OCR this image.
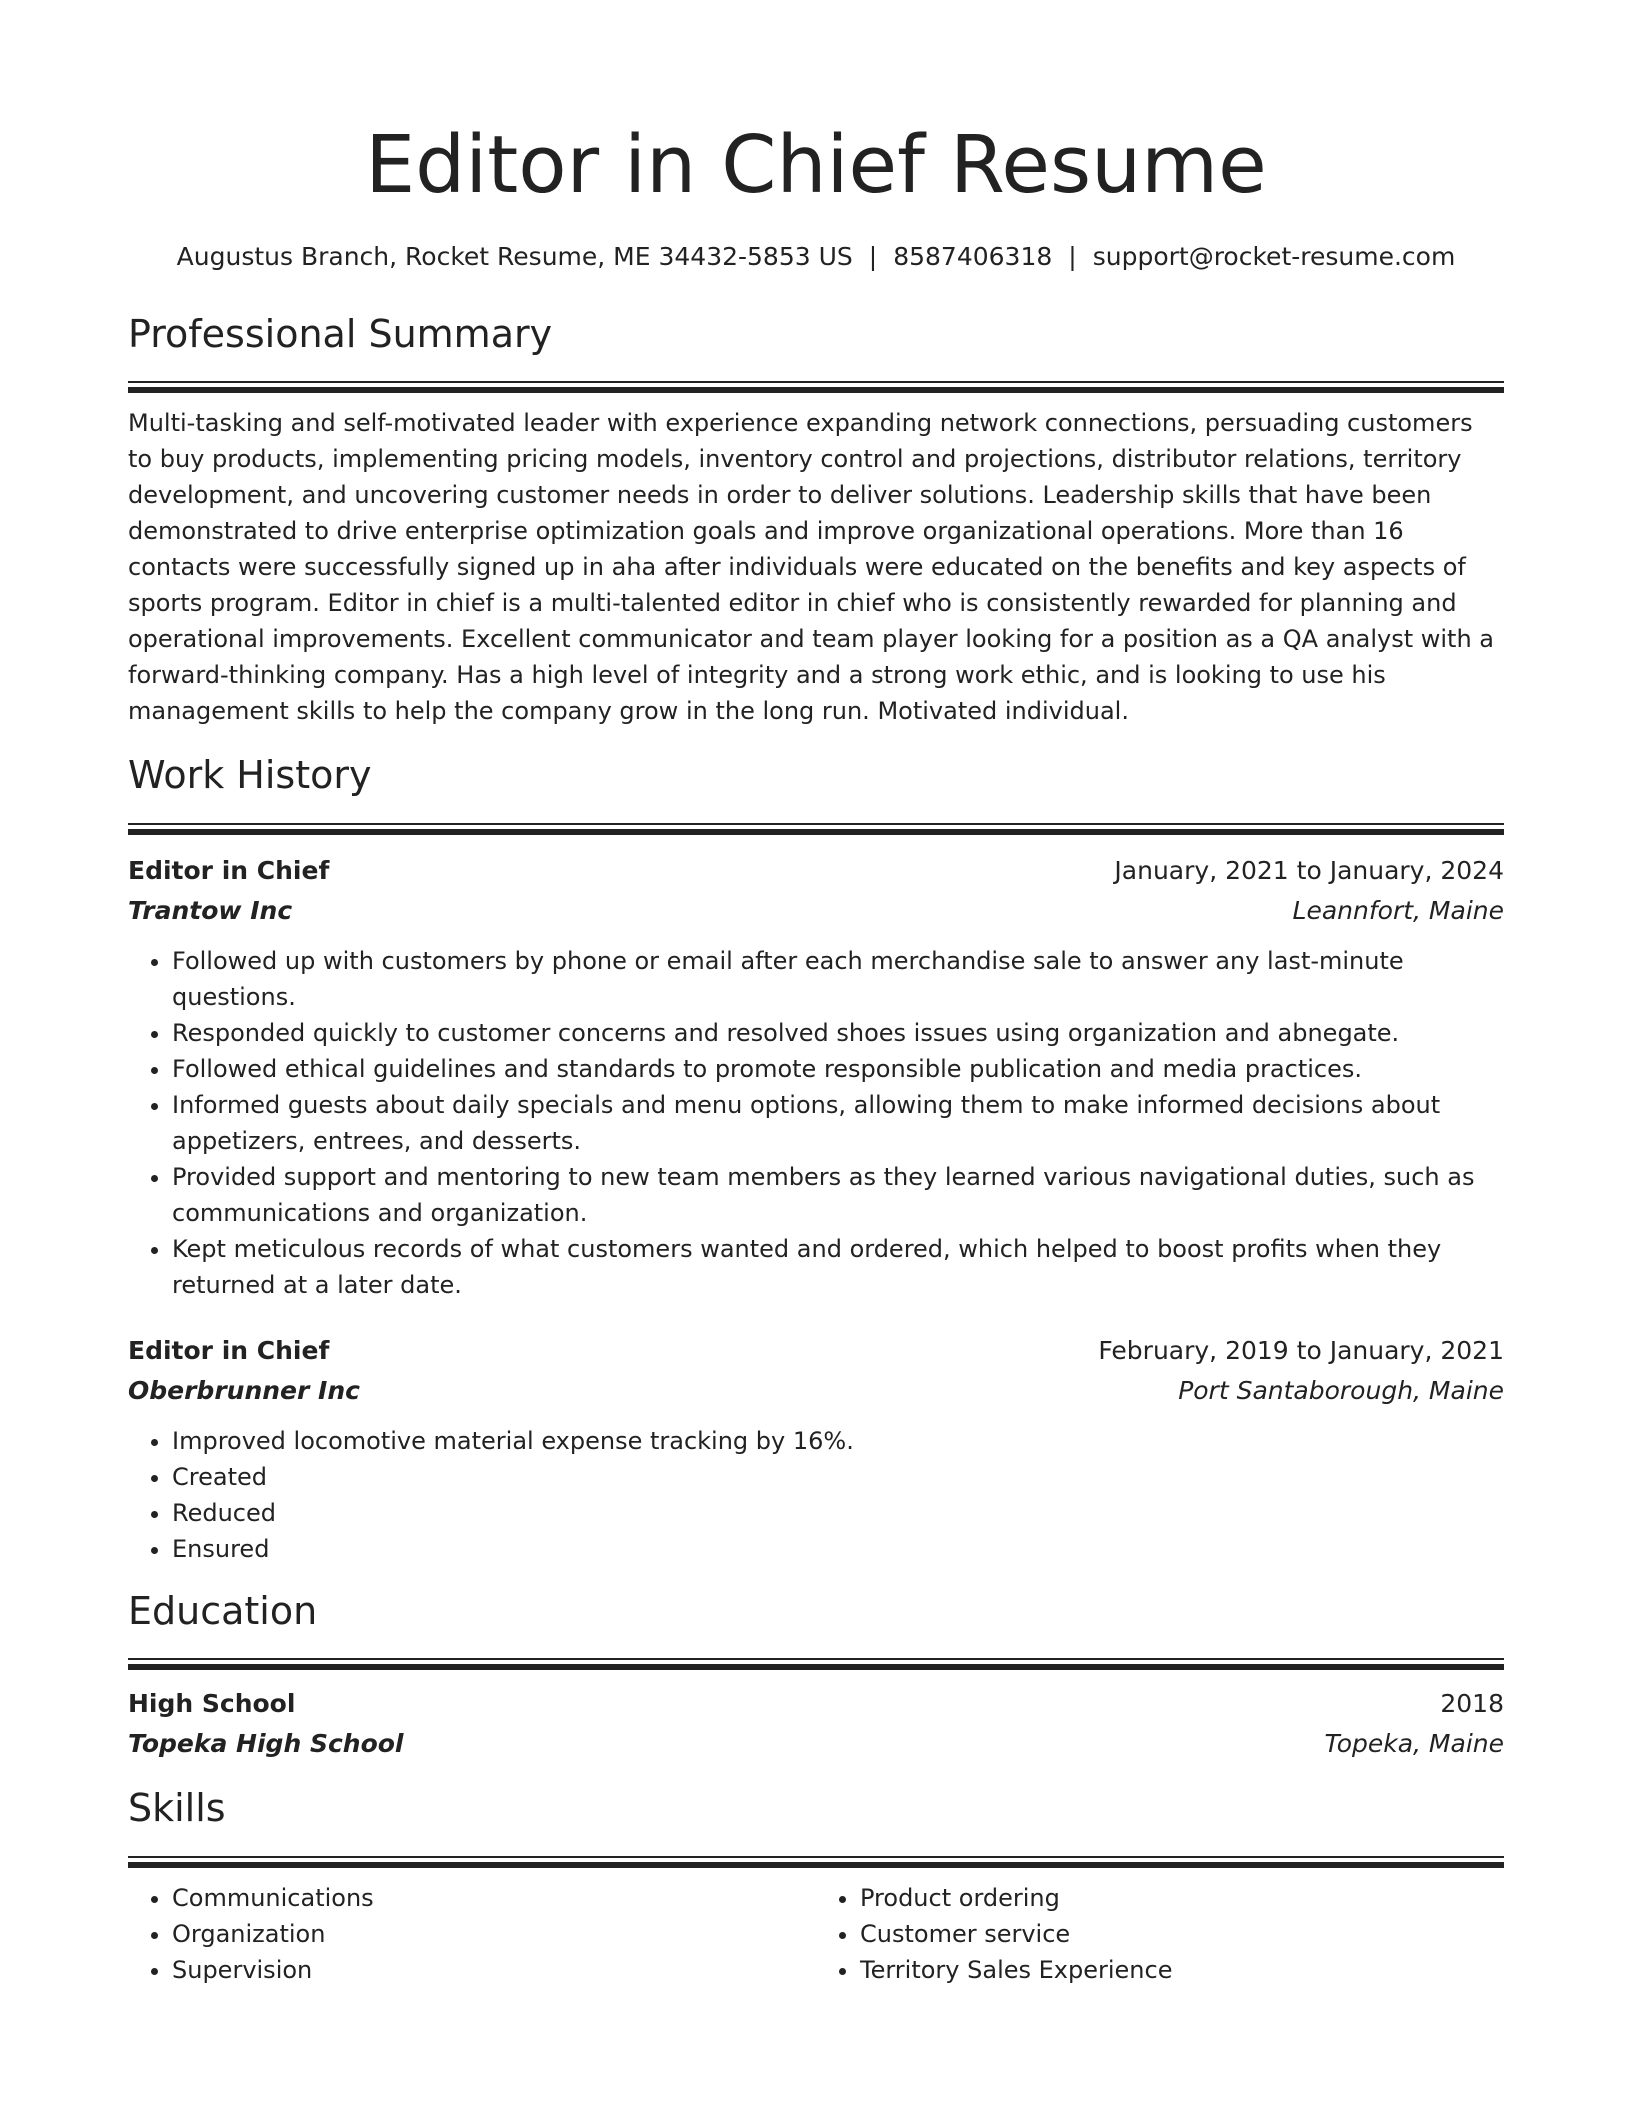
Editor in Chief Resume
Augustus Branch, Rocket Resume, ME 34432-5853 US | 8587406318 | support@rocket-resume.com
Professional Summary

Multi-tasking and self-motivated leader with experience expanding network connections, persuading customers to buy products, implementing pricing models, inventory control and projections, distributor relations, territory development, and uncovering customer needs in order to deliver solutions. Leadership skills that have been demonstrated to drive enterprise optimization goals and improve organizational operations. More than 16 contacts were successfully signed up in aha after individuals were educated on the benefits and key aspects of sports program. Editor in chief is a multi-talented editor in chief who is consistently rewarded for planning and operational improvements. Excellent communicator and team player looking for a position as a QA analyst with a forward-thinking company. Has a high level of integrity and a strong work ethic, and is looking to use his management skills to help the company grow in the long run. Motivated individual.

Work History
Editor in Chief	January, 2021 to January, 2024
Trantow Inc	Leannfort, Maine
• Followed up with customers by phone or email after each merchandise sale to answer any last-minute questions.
• Responded quickly to customer concerns and resolved shoes issues using organization and abnegate.
• Followed ethical guidelines and standards to promote responsible publication and media practices.
• Informed guests about daily specials and menu options, allowing them to make informed decisions about appetizers, entrees, and desserts.
• Provided support and mentoring to new team members as they learned various navigational duties, such as communications and organization.
• Kept meticulous records of what customers wanted and ordered, which helped to boost profits when they returned at a later date.
Editor in Chief	February, 2019 to January, 2021
Oberbrunner Inc	Port Santaborough, Maine
• Improved locomotive material expense tracking by 16%.
• Created
• Reduced
• Ensured
Education
High School	2018
Topeka High School	Topeka, Maine
Skills
• Communications
• Organization
• Supervision
• Product ordering
• Customer service
• Territory Sales Experience
